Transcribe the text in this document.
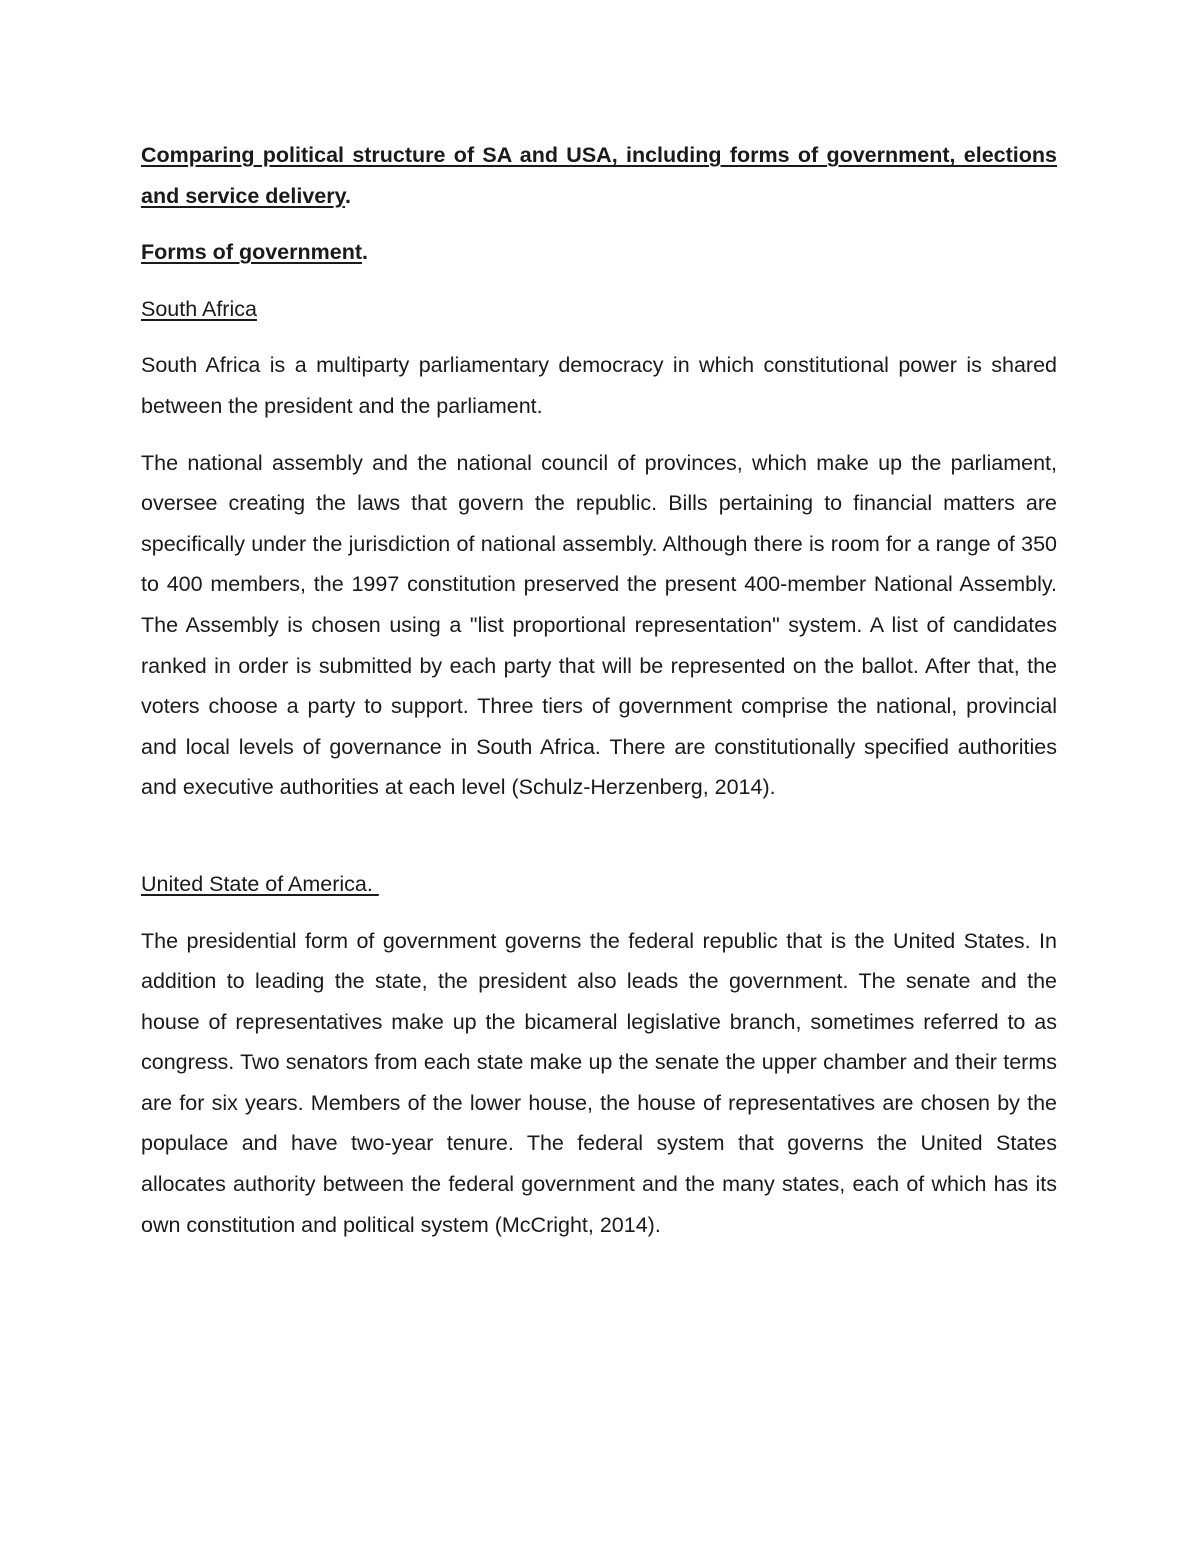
Comparing political structure of SA and USA, including forms of government, elections and service delivery.

Forms of government.

South Africa

South Africa is a multiparty parliamentary democracy in which constitutional power is shared between the president and the parliament.

The national assembly and the national council of provinces, which make up the parliament, oversee creating the laws that govern the republic. Bills pertaining to financial matters are specifically under the jurisdiction of national assembly. Although there is room for a range of 350 to 400 members, the 1997 constitution preserved the present 400-member National Assembly. The Assembly is chosen using a "list proportional representation" system. A list of candidates ranked in order is submitted by each party that will be represented on the ballot. After that, the voters choose a party to support. Three tiers of government comprise the national, provincial and local levels of governance in South Africa. There are constitutionally specified authorities and executive authorities at each level (Schulz-Herzenberg, 2014).

United State of America.

The presidential form of government governs the federal republic that is the United States. In addition to leading the state, the president also leads the government. The senate and the house of representatives make up the bicameral legislative branch, sometimes referred to as congress. Two senators from each state make up the senate the upper chamber and their terms are for six years. Members of the lower house, the house of representatives are chosen by the populace and have two-year tenure. The federal system that governs the United States allocates authority between the federal government and the many states, each of which has its own constitution and political system (McCright, 2014).
